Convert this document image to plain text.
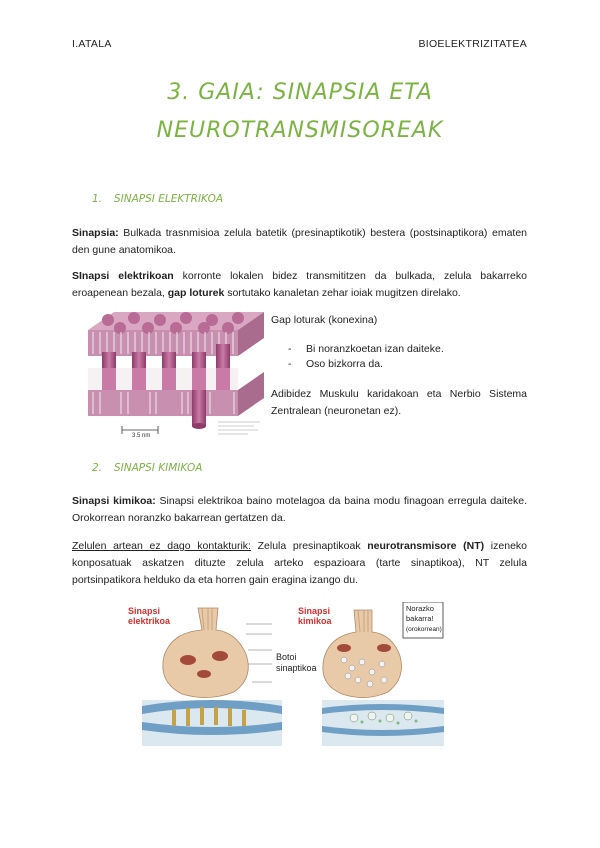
I.ATALA	BIOELEKTRIZITATEA
3. GAIA: SINAPSIA ETA
NEUROTRANSMISOREAK
1. SINAPSI ELEKTRIKOA
Sinapsia: Bulkada trasnmisioa zelula batetik (presinaptikotik) bestera (postsinaptikora) ematen den gune anatomikoa.
SInapsi elektrikoan korronte lokalen bidez transmititzen da bulkada, zelula bakarreko eroapenean bezala, gap loturek sortutako kanaletan zehar ioiak mugitzen direlako.
3.5 nm
Gap loturak (konexina)
- Bi noranzkoetan izan daiteke.
- Oso bizkorra da.
Adibidez Muskulu karidakoan eta Nerbio Sistema Zentralean (neuronetan ez).
2. SINAPSI KIMIKOA
Sinapsi kimikoa: Sinapsi elektrikoa baino motelagoa da baina modu finagoan erregula daiteke. Orokorrean noranzko bakarrean gertatzen da.
Zelulen artean ez dago kontakturik: Zelula presinaptikoak neurotransmisore (NT) izeneko konposatuak askatzen dituzte zelula arteko espazioara (tarte sinaptikoa), NT zelula portsinpatikora helduko da eta horren gain eragina izango du.
Sinapsi
elektrikoa
Botoi
sinaptikoa
Sinapsi
kimikoa
Norazko
bakarra!
(orokorrean)
